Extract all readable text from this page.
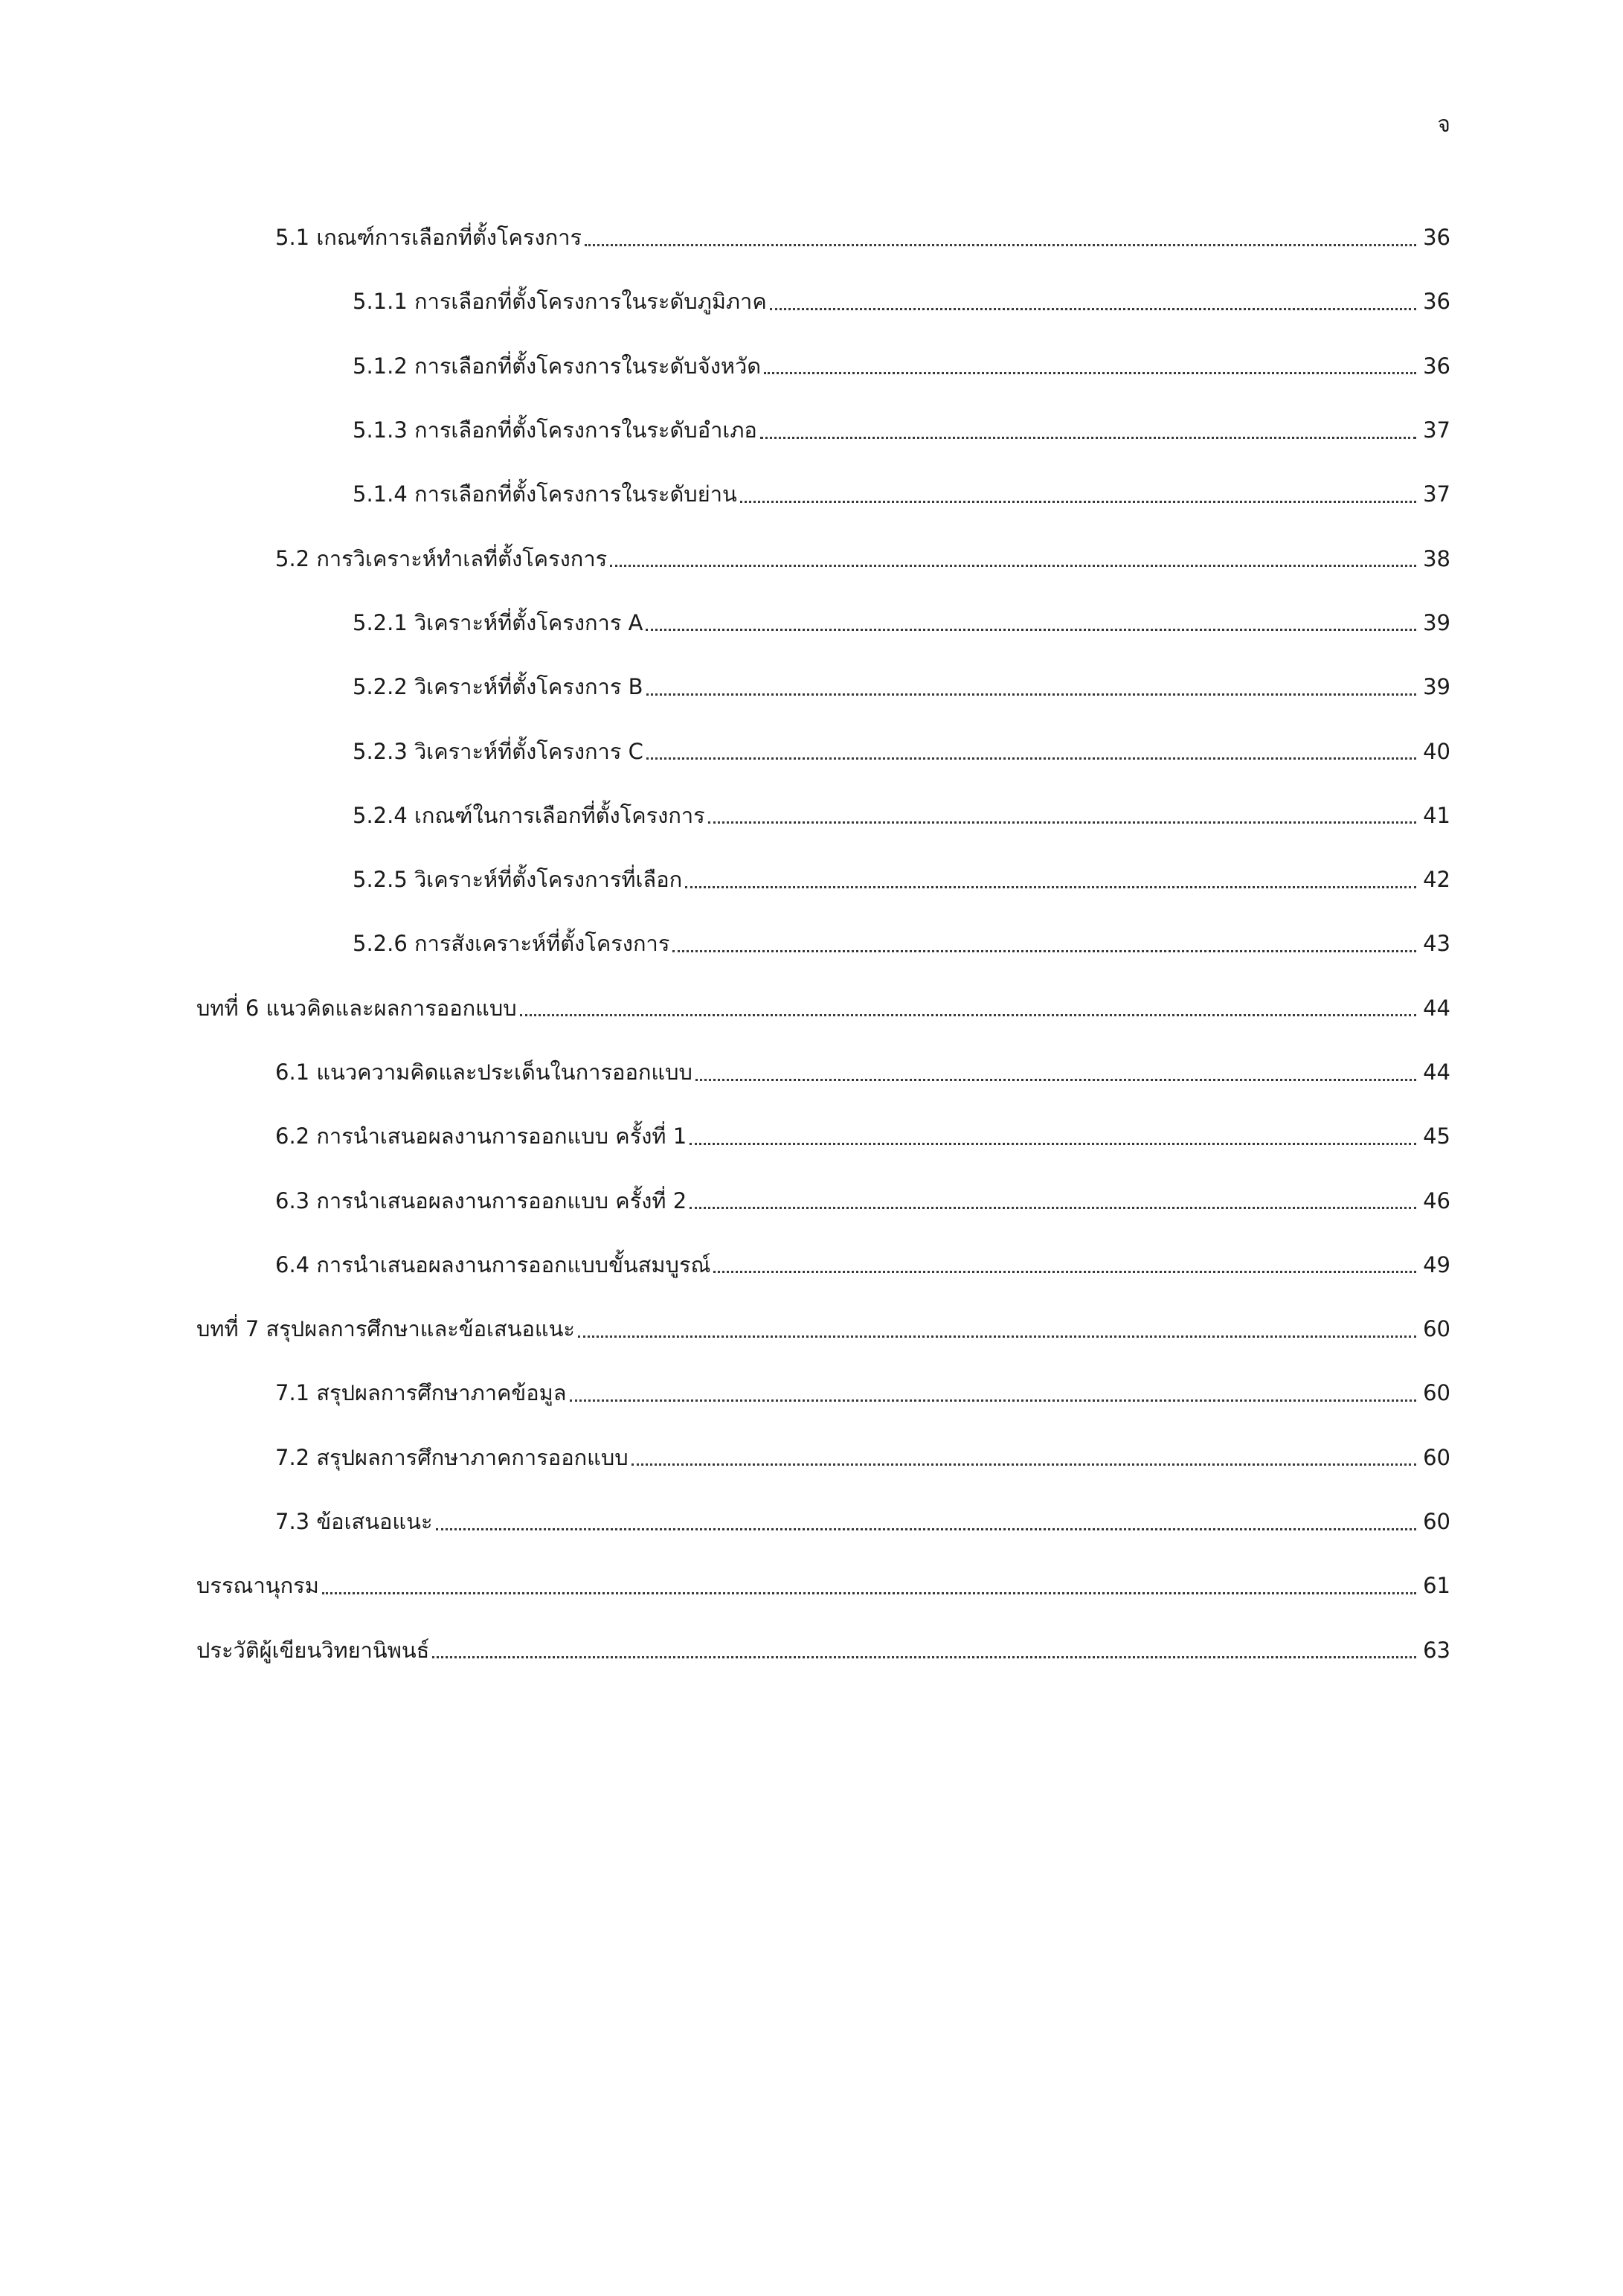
จ
5.1 เกณฑ์การเลือกที่ตั้งโครงการ	36
5.1.1 การเลือกที่ตั้งโครงการในระดับภูมิภาค	36
5.1.2 การเลือกที่ตั้งโครงการในระดับจังหวัด	36
5.1.3 การเลือกที่ตั้งโครงการในระดับอำเภอ	37
5.1.4 การเลือกที่ตั้งโครงการในระดับย่าน	37
5.2 การวิเคราะห์ทำเลที่ตั้งโครงการ	38
5.2.1 วิเคราะห์ที่ตั้งโครงการ A	39
5.2.2 วิเคราะห์ที่ตั้งโครงการ B	39
5.2.3 วิเคราะห์ที่ตั้งโครงการ C	40
5.2.4 เกณฑ์ในการเลือกที่ตั้งโครงการ	41
5.2.5 วิเคราะห์ที่ตั้งโครงการที่เลือก	42
5.2.6 การสังเคราะห์ที่ตั้งโครงการ	43
บทที่ 6 แนวคิดและผลการออกแบบ	44
6.1 แนวความคิดและประเด็นในการออกแบบ	44
6.2 การนำเสนอผลงานการออกแบบ ครั้งที่ 1	45
6.3 การนำเสนอผลงานการออกแบบ ครั้งที่ 2	46
6.4 การนำเสนอผลงานการออกแบบขั้นสมบูรณ์	49
บทที่ 7 สรุปผลการศึกษาและข้อเสนอแนะ	60
7.1 สรุปผลการศึกษาภาคข้อมูล	60
7.2 สรุปผลการศึกษาภาคการออกแบบ	60
7.3 ข้อเสนอแนะ	60
บรรณานุกรม	61
ประวัติผู้เขียนวิทยานิพนธ์	63
